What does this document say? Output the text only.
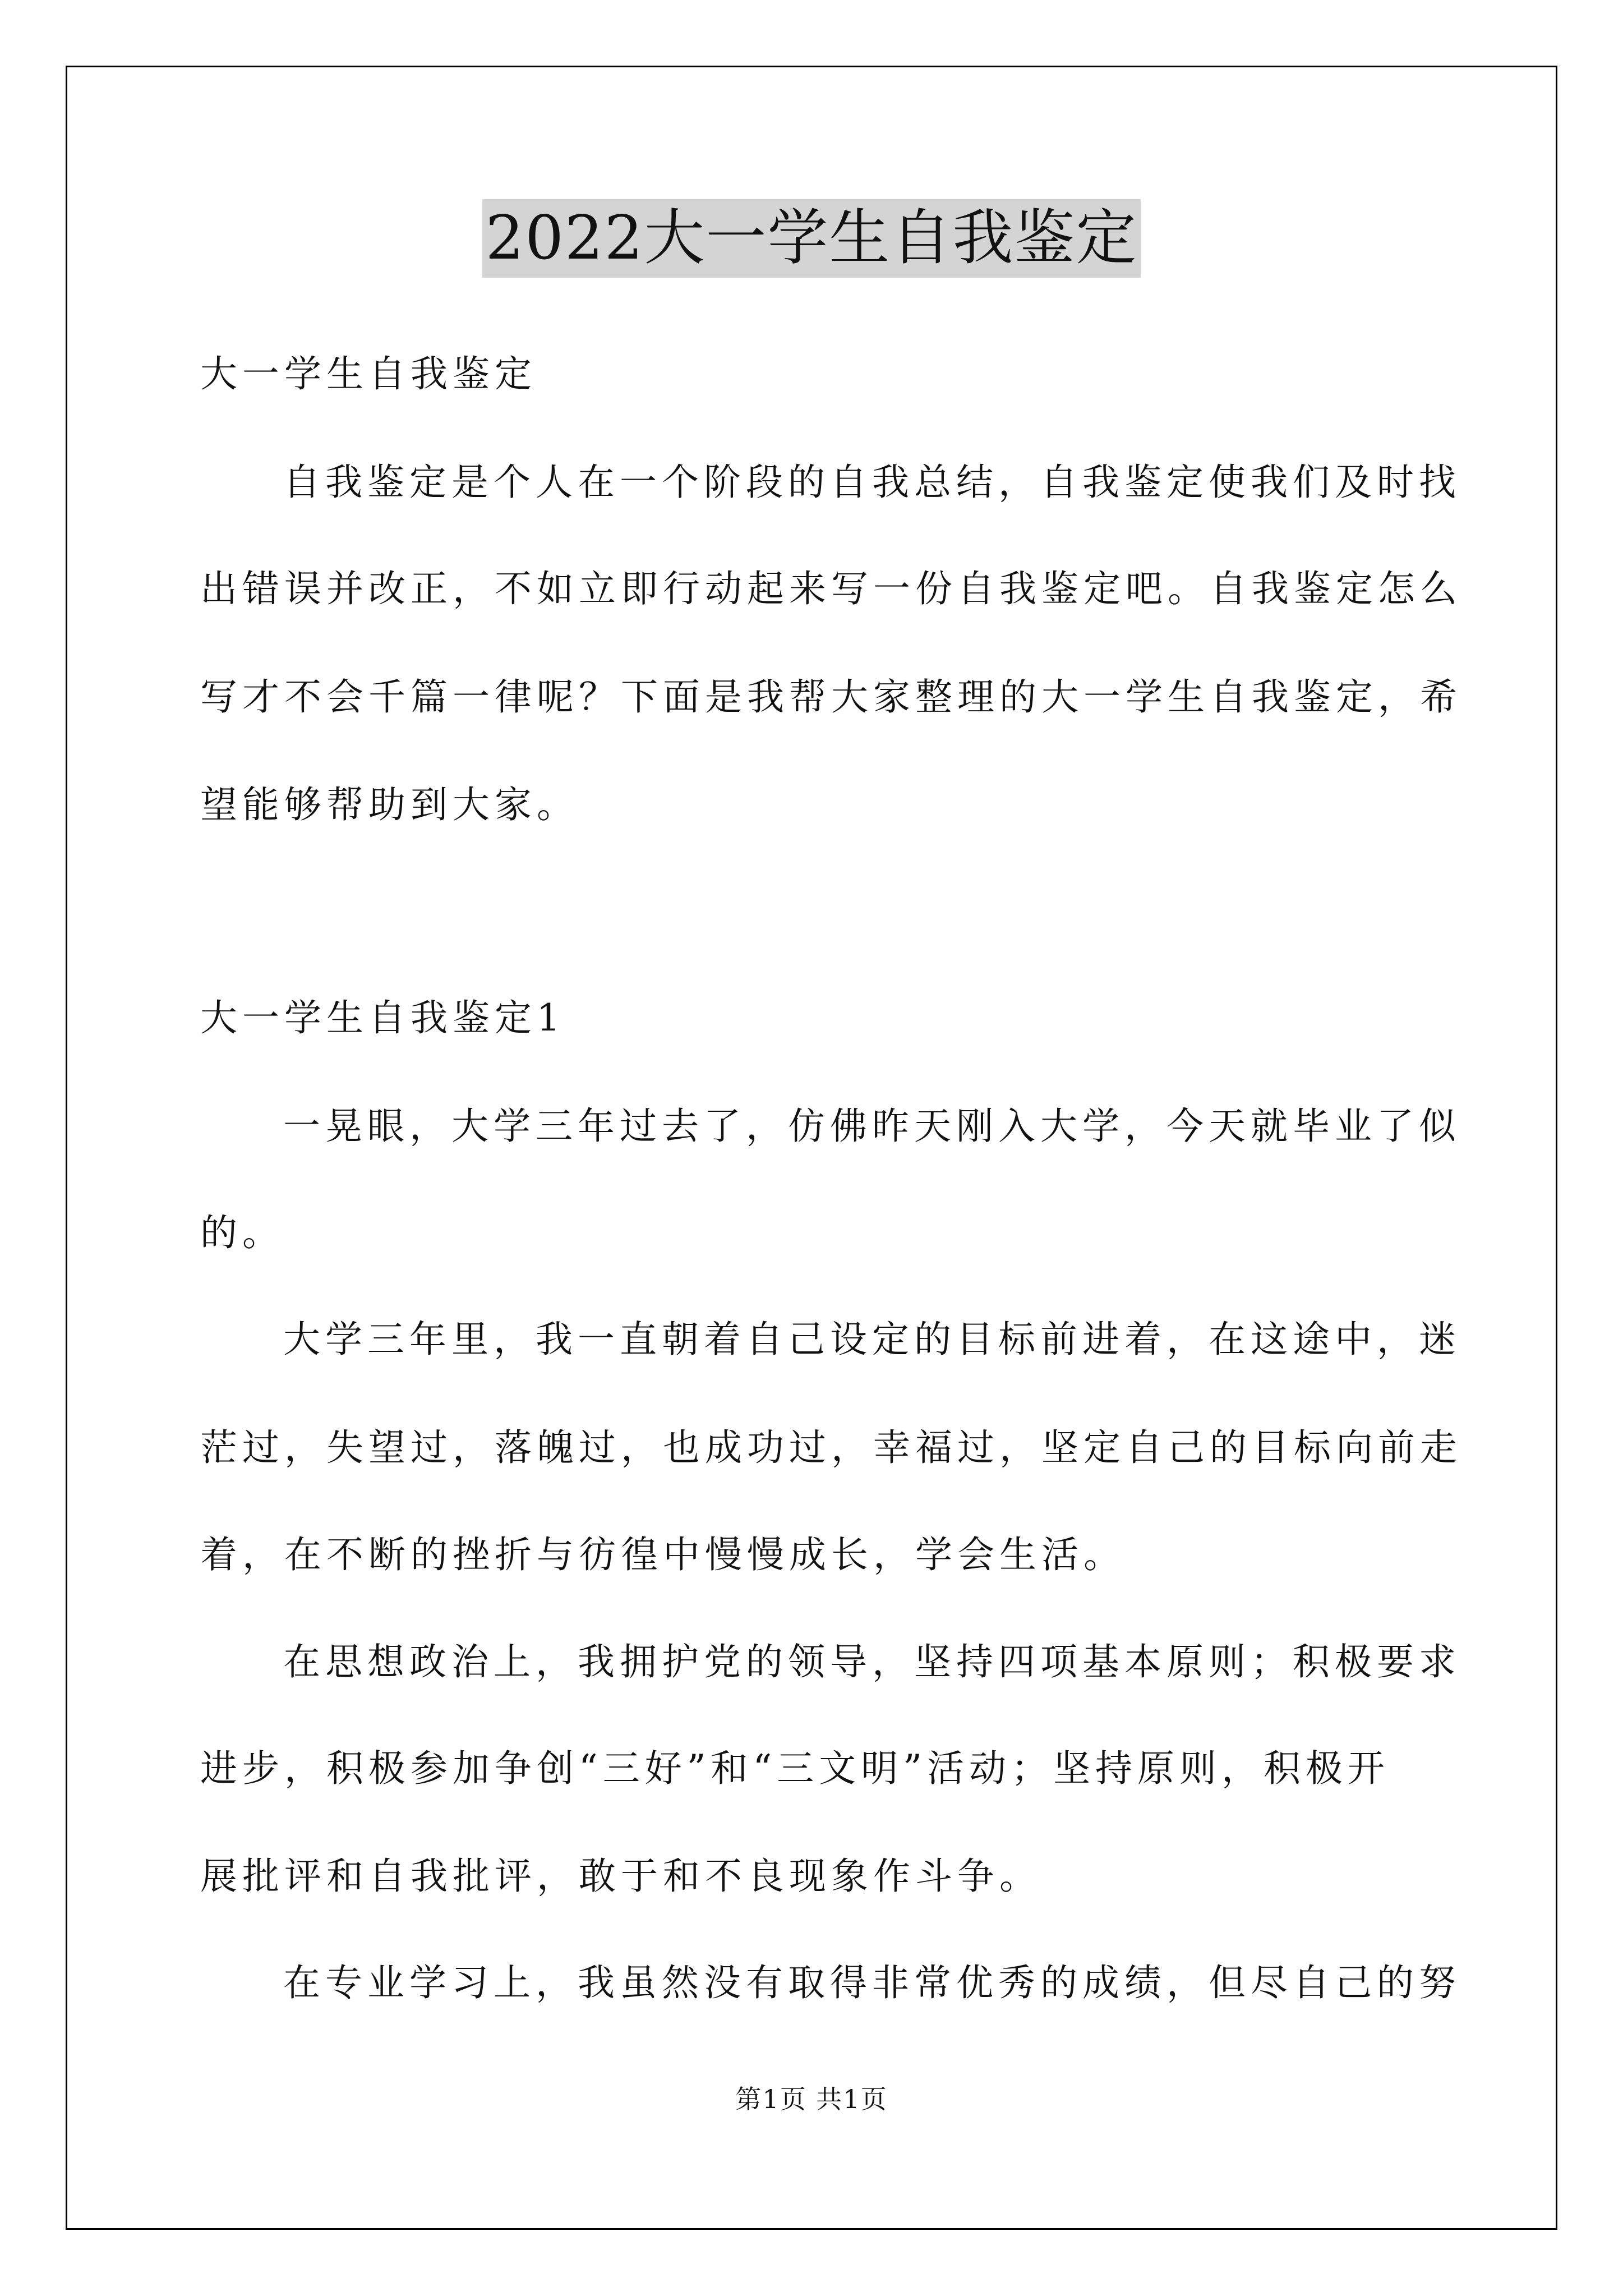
2022大一学生自我鉴定
大一学生自我鉴定
自我鉴定是个人在一个阶段的自我总结，自我鉴定使我们及时找
出错误并改正，不如立即行动起来写一份自我鉴定吧。自我鉴定怎么
写才不会千篇一律呢？下面是我帮大家整理的大一学生自我鉴定，希
望能够帮助到大家。
大一学生自我鉴定1
一晃眼，大学三年过去了，仿佛昨天刚入大学，今天就毕业了似
的。
大学三年里，我一直朝着自己设定的目标前进着，在这途中，迷
茫过，失望过，落魄过，也成功过，幸福过，坚定自己的目标向前走
着，在不断的挫折与彷徨中慢慢成长，学会生活。
在思想政治上，我拥护党的领导，坚持四项基本原则；积极要求
进步，积极参加争创“三好”和“三文明”活动；坚持原则，积极开
展批评和自我批评，敢于和不良现象作斗争。
在专业学习上，我虽然没有取得非常优秀的成绩，但尽自己的努
第1页 共1页
